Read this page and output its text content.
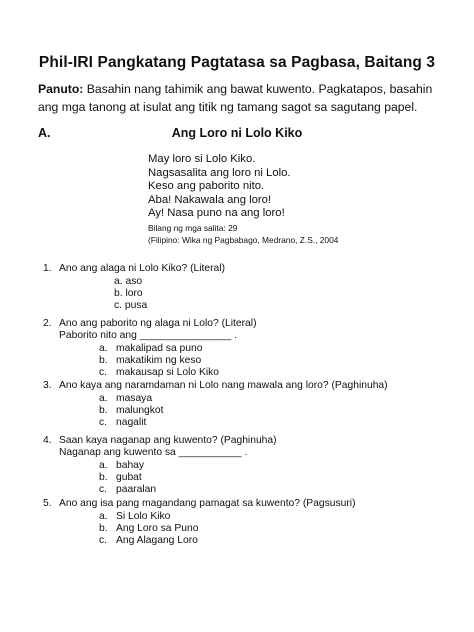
Phil-IRI Pangkatang Pagtatasa sa Pagbasa, Baitang 3
Panuto: Basahin nang tahimik ang bawat kuwento. Pagkatapos, basahin ang mga tanong at isulat ang titik ng tamang sagot sa sagutang papel.
A.	Ang Loro ni Lolo Kiko
May loro si Lolo Kiko.
Nagsasalita ang loro ni Lolo.
Keso ang paborito nito.
Aba! Nakawala ang loro!
Ay! Nasa puno na ang loro!
Bilang ng mga salita: 29
(Filipino: Wika ng Pagbabago, Medrano, Z.S., 2004
1. Ano ang alaga ni Lolo Kiko? (Literal)
a. aso
b. loro
c. pusa
2. Ano ang paborito ng alaga ni Lolo? (Literal)
Paborito nito ang ________________ .
a. makalipad sa puno
b. makatikim ng keso
c. makausap si Lolo Kiko
3. Ano kaya ang naramdaman ni Lolo nang mawala ang loro? (Paghinuha)
a. masaya
b. malungkot
c. nagalit
4. Saan kaya naganap ang kuwento? (Paghinuha)
Naganap ang kuwento sa ___________ .
a. bahay
b. gubat
c. paaralan
5. Ano ang isa pang magandang pamagat sa kuwento? (Pagsusuri)
a. Si Lolo Kiko
b. Ang Loro sa Puno
c. Ang Alagang Loro
